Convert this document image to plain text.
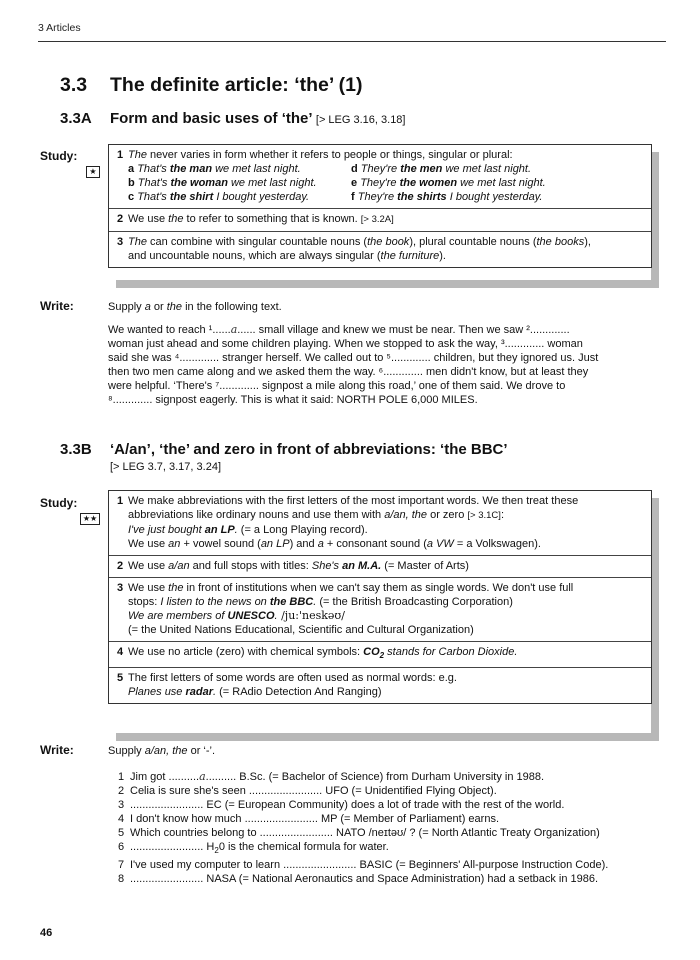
3 Articles
3.3 The definite article: ‘the’ (1)
3.3A Form and basic uses of ‘the’ [> LEG 3.16, 3.18]
Study:
★
1 The never varies in form whether it refers to people or things, singular or plural:
a That's the man we met last night.	d They're the men we met last night.
b That's the woman we met last night.	e They're the women we met last night.
c That's the shirt I bought yesterday.	f They're the shirts I bought yesterday.
2 We use the to refer to something that is known. [> 3.2A]
3 The can combine with singular countable nouns (the book), plural countable nouns (the books),
and uncountable nouns, which are always singular (the furniture).
Write:	Supply a or the in the following text.
We wanted to reach ¹......a...... small village and knew we must be near. Then we saw ².............
woman just ahead and some children playing. When we stopped to ask the way, ³............. woman
said she was ⁴............. stranger herself. We called out to ⁵............. children, but they ignored us. Just
then two men came along and we asked them the way. ⁶............. men didn't know, but at least they
were helpful. ‘There's ⁷............. signpost a mile along this road,’ one of them said. We drove to
⁸............. signpost eagerly. This is what it said: NORTH POLE 6,000 MILES.
3.3B ‘A/an’, ‘the’ and zero in front of abbreviations: ‘the BBC’
[> LEG 3.7, 3.17, 3.24]
Study:
★★
1 We make abbreviations with the first letters of the most important words. We then treat these
abbreviations like ordinary nouns and use them with a/an, the or zero [> 3.1C]:
I've just bought an LP. (= a Long Playing record).
We use an + vowel sound (an LP) and a + consonant sound (a VW = a Volkswagen).
2 We use a/an and full stops with titles: She's an M.A. (= Master of Arts)
3 We use the in front of institutions when we can't say them as single words. We don't use full
stops: I listen to the news on the BBC. (= the British Broadcasting Corporation)
We are members of UNESCO. /ju:'neskəʊ/
(= the United Nations Educational, Scientific and Cultural Organization)
4 We use no article (zero) with chemical symbols: $CO_2$ stands for Carbon Dioxide.
5 The first letters of some words are often used as normal words: e.g.
Planes use radar. (= RAdio Detection And Ranging)
Write:	Supply a/an, the or ‘-’.
1 Jim got ..........a.......... B.Sc. (= Bachelor of Science) from Durham University in 1988.
2 Celia is sure she's seen ........................ UFO (= Unidentified Flying Object).
3 ........................ EC (= European Community) does a lot of trade with the rest of the world.
4 I don't know how much ........................ MP (= Member of Parliament) earns.
5 Which countries belong to ........................ NATO /neɪtəʊ/ ? (= North Atlantic Treaty Organization)
6 ........................ $H_20$ is the chemical formula for water.
7 I've used my computer to learn ........................ BASIC (= Beginners' All-purpose Instruction Code).
8 ........................ NASA (= National Aeronautics and Space Administration) had a setback in 1986.
46
